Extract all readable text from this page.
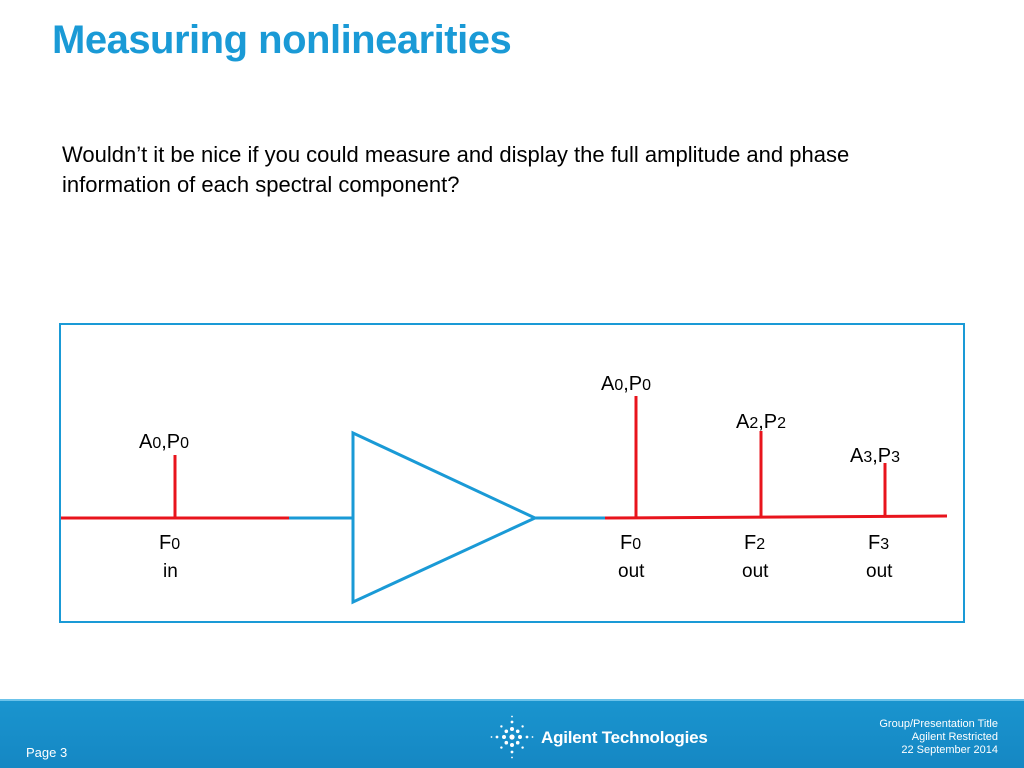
Measuring nonlinearities
Wouldn’t it be nice if you could measure and display the full amplitude and phase information of each spectral component?
A0,P0
F0
in
A0,P0
F0
out
A2,P2
F2
out
A3,P3
F3
out
Page 3
Agilent Technologies
Group/Presentation Title
Agilent Restricted
22 September 2014
